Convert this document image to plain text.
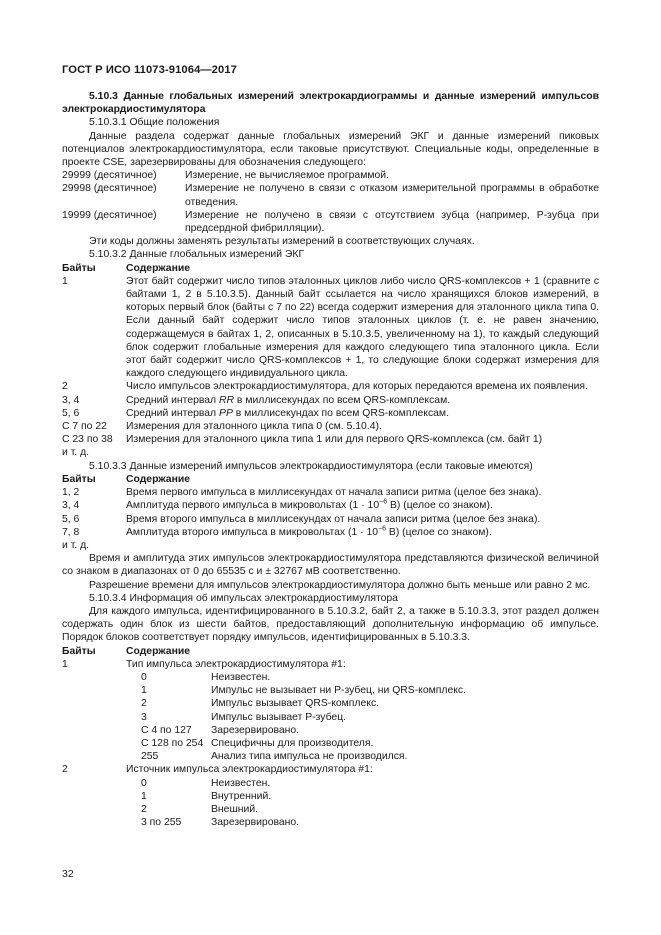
ГОСТ Р ИСО 11073-91064—2017
5.10.3 Данные глобальных измерений электрокардиограммы и данные измерений импульсов электрокардиостимулятора
5.10.3.1 Общие положения
Данные раздела содержат данные глобальных измерений ЭКГ и данные измерений пиковых потенциалов электрокардиостимулятора, если таковые присутствуют. Специальные коды, определенные в проекте CSE, зарезервированы для обозначения следующего:
29999 (десятичное)	Измерение, не вычисляемое программой.
29998 (десятичное)	Измерение не получено в связи с отказом измерительной программы в обработке отведения.
19999 (десятичное)	Измерение не получено в связи с отсутствием зубца (например, Р-зубца при предсердной фибрилляции).
Эти коды должны заменять результаты измерений в соответствующих случаях.
5.10.3.2 Данные глобальных измерений ЭКГ
Байты	Содержание
1	Этот байт содержит число типов эталонных циклов либо число QRS-комплексов + 1 (сравните с байтами 1, 2 в 5.10.3.5). Данный байт ссылается на число хранящихся блоков измерений, в которых первый блок (байты с 7 по 22) всегда содержит измерения для эталонного цикла типа 0. Если данный байт содержит число типов эталонных циклов (т. е. не равен значению, содержащемуся в байтах 1, 2, описанных в 5.10.3.5, увеличенному на 1), то каждый следующий блок содержит глобальные измерения для каждого следующего типа эталонного цикла. Если этот байт содержит число QRS-комплексов + 1, то следующие блоки содержат измерения для каждого следующего индивидуального цикла.
2	Число импульсов электрокардиостимулятора, для которых передаются времена их появления.
3, 4	Средний интервал RR в миллисекундах по всем QRS-комплексам.
5, 6	Средний интервал PP в миллисекундах по всем QRS-комплексам.
С 7 по 22	Измерения для эталонного цикла типа 0 (см. 5.10.4).
С 23 по 38	Измерения для эталонного цикла типа 1 или для первого QRS-комплекса (см. байт 1)
и т. д.
5.10.3.3 Данные измерений импульсов электрокардиостимулятора (если таковые имеются)
Байты	Содержание
1, 2	Время первого импульса в миллисекундах от начала записи ритма (целое без знака).
3, 4	Амплитуда первого импульса в микровольтах ($1 \cdot 10^{-6}$ В) (целое со знаком).
5, 6	Время второго импульса в миллисекундах от начала записи ритма (целое без знака).
7, 8	Амплитуда второго импульса в микровольтах ($1 \cdot 10^{-6}$ В) (целое со знаком).
и т. д.
Время и амплитуда этих импульсов электрокардиостимулятора представляются физической величиной со знаком в диапазонах от 0 до 65535 с и ± 32767 мВ соответственно.
Разрешение времени для импульсов электрокардиостимулятора должно быть меньше или равно 2 мс.
5.10.3.4 Информация об импульсах электрокардиостимулятора
Для каждого импульса, идентифицированного в 5.10.3.2, байт 2, а также в 5.10.3.3, этот раздел должен содержать один блок из шести байтов, предоставляющий дополнительную информацию об импульсе. Порядок блоков соответствует порядку импульсов, идентифицированных в 5.10.3.3.
Байты	Содержание
1	Тип импульса электрокардиостимулятора #1:
0	Неизвестен.
1	Импульс не вызывает ни Р-зубец, ни QRS-комплекс.
2	Импульс вызывает QRS-комплекс.
3	Импульс вызывает Р-зубец.
С 4 по 127	Зарезервировано.
С 128 по 254 Специфичны для производителя.
255	Анализ типа импульса не производился.
2	Источник импульса электрокардиостимулятора #1:
0	Неизвестен.
1	Внутренний.
2	Внешний.
3 по 255	Зарезервировано.
32
